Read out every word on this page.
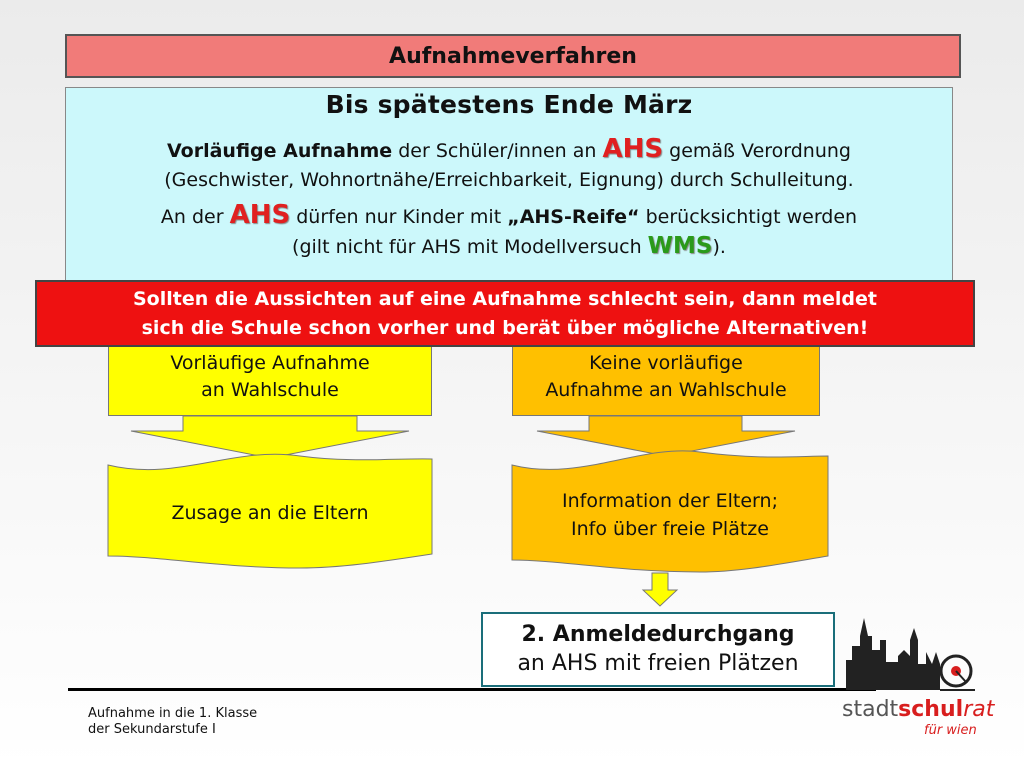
Aufnahmeverfahren
Bis spätestens Ende März
Vorläufige Aufnahme der Schüler/innen an AHS gemäß Verordnung
(Geschwister, Wohnortnähe/Erreichbarkeit, Eignung) durch Schulleitung.
An der AHS dürfen nur Kinder mit „AHS-Reife“ berücksichtigt werden
(gilt nicht für AHS mit Modellversuch WMS).
Vorläufige Aufnahme
an Wahlschule
Keine vorläufige
Aufnahme an Wahlschule
Sollten die Aussichten auf eine Aufnahme schlecht sein, dann meldet
sich die Schule schon vorher und berät über mögliche Alternativen!
Zusage an die Eltern
Information der Eltern;
Info über freie Plätze
2. Anmeldedurchgang
an AHS mit freien Plätzen
Aufnahme in die 1. Klasse
der Sekundarstufe I
stadtschulrat
für wien
